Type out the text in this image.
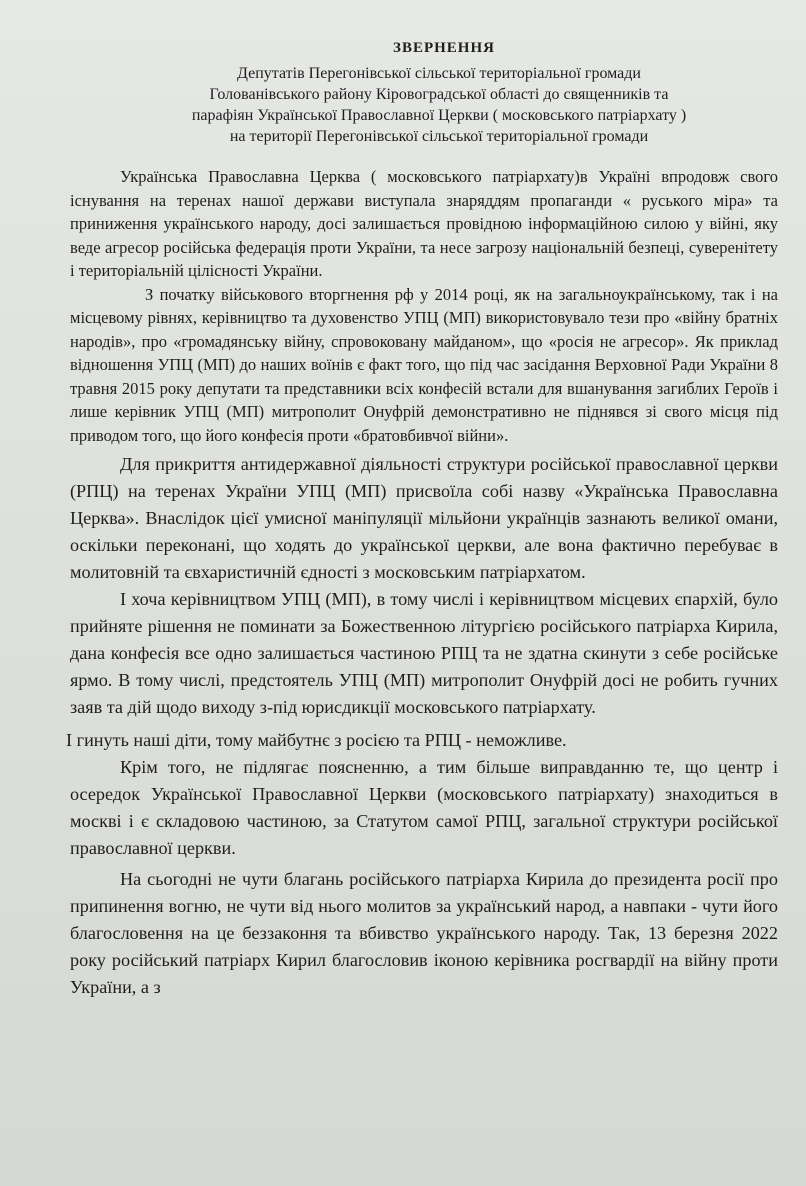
ЗВЕРНЕННЯ
Депутатів Перегонівської сільської територіальної громади
Голованівського району Кіровоградської області до священників та
парафіян Української Православної Церкви ( московського патріархату )
на території Перегонівської сільської територіальної громади

Українська Православна Церква ( московського патріархату)в Україні впродовж свого існування на теренах нашої держави виступала знаряддям пропаганди « руського міра» та приниження українського народу, досі залишається провідною інформаційною силою у війні, яку веде агресор російська федерація проти України, та несе загрозу національній безпеці, суверенітету і територіальній цілісності України.

З початку військового вторгнення рф у 2014 році, як на загальноукраїнському, так і на місцевому рівнях, керівництво та духовенство УПЦ (МП) використовувало тези про «війну братніх народів», про «громадянську війну, спровоковану майданом», що «росія не агресор». Як приклад відношення УПЦ (МП) до наших воїнів є факт того, що під час засідання Верховної Ради України 8 травня 2015 року депутати та представники всіх конфесій встали для вшанування загиблих Героїв і лише керівник УПЦ (МП) митрополит Онуфрій демонстративно не піднявся зі свого місця під приводом того, що його конфесія проти «братовбивчої війни».

Для прикриття антидержавної діяльності структури російської православної церкви (РПЦ) на теренах України УПЦ (МП) присвоїла собі назву «Українська Православна Церква». Внаслідок цієї умисної маніпуляції мільйони українців зазнають великої омани, оскільки переконані, що ходять до української церкви, але вона фактично перебуває в молитовній та євхаристичній єдності з московським патріархатом.

І хоча керівництвом УПЦ (МП), в тому числі і керівництвом місцевих єпархій, було прийняте рішення не поминати за Божественною літургією російського патріарха Кирила, дана конфесія все одно залишається частиною РПЦ та не здатна скинути з себе російське ярмо. В тому числі, предстоятель УПЦ (МП) митрополит Онуфрій досі не робить гучних заяв та дій щодо виходу з-під юрисдикції московського патріархату.

І гинуть наші діти, тому майбутнє з росією та РПЦ - неможливе.

Крім того, не підлягає поясненню, а тим більше виправданню те, що центр і осередок Української Православної Церкви (московського патріархату) знаходиться в москві і є складовою частиною, за Статутом самої РПЦ, загальної структури російської православної церкви.

На сьогодні не чути благань російського патріарха Кирила до президента росії про припинення вогню, не чути від нього молитов за український народ, а навпаки - чути його благословення на це беззаконня та вбивство українського народу. Так, 13 березня 2022 року російський патріарх Кирил благословив іконою керівника росгвардії на війну проти України, а з
